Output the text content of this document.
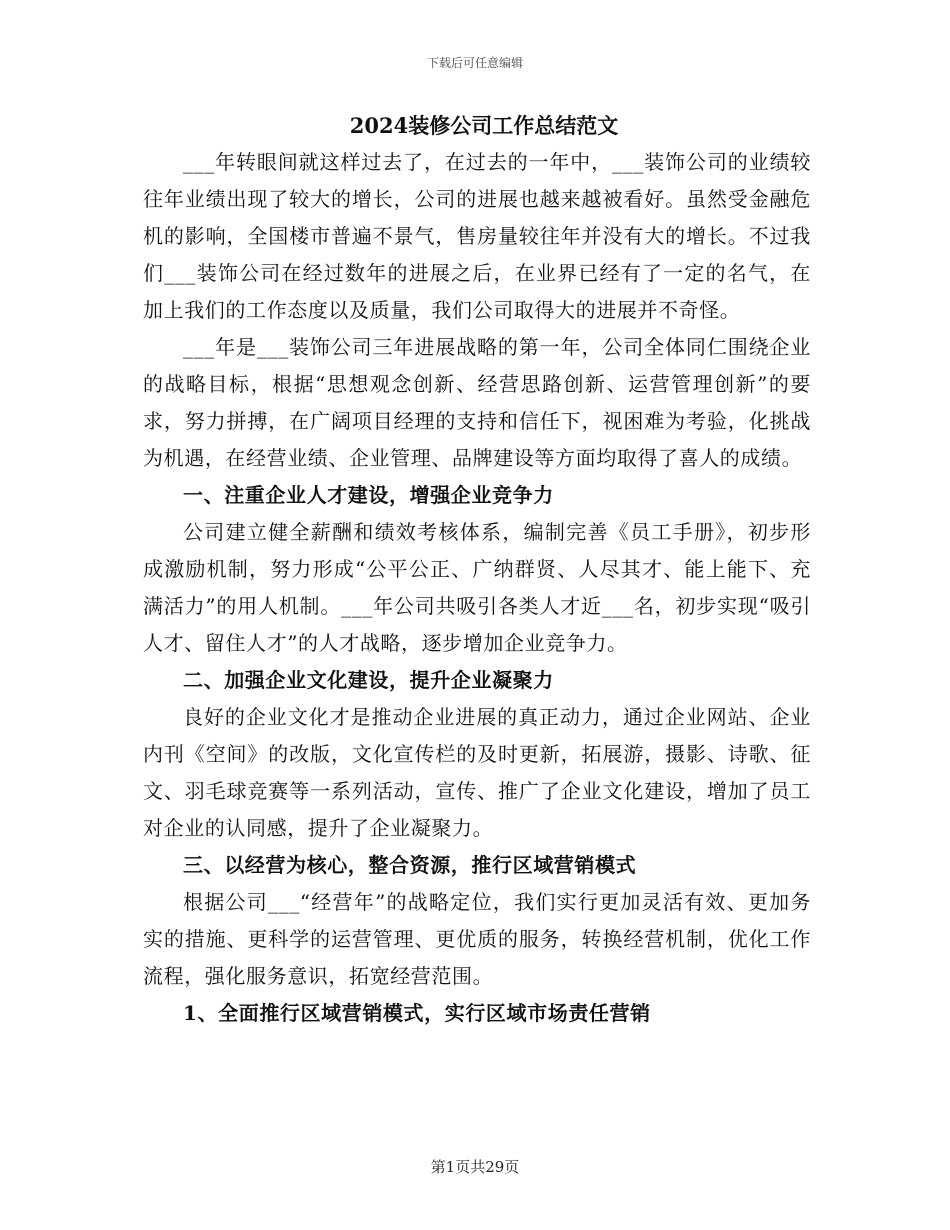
下载后可任意编辑
2024装修公司工作总结范文

___年转眼间就这样过去了，在过去的一年中，___装饰公司的业绩较往年业绩出现了较大的增长，公司的进展也越来越被看好。虽然受金融危机的影响，全国楼市普遍不景气，售房量较往年并没有大的增长。不过我们___装饰公司在经过数年的进展之后，在业界已经有了一定的名气，在加上我们的工作态度以及质量，我们公司取得大的进展并不奇怪。

___年是___装饰公司三年进展战略的第一年，公司全体同仁围绕企业的战略目标，根据“思想观念创新、经营思路创新、运营管理创新”的要求，努力拼搏，在广阔项目经理的支持和信任下，视困难为考验，化挑战为机遇，在经营业绩、企业管理、品牌建设等方面均取得了喜人的成绩。

一、注重企业人才建设，增强企业竞争力

公司建立健全薪酬和绩效考核体系，编制完善《员工手册》，初步形成激励机制，努力形成“公平公正、广纳群贤、人尽其才、能上能下、充满活力”的用人机制。___年公司共吸引各类人才近___名，初步实现“吸引人才、留住人才”的人才战略，逐步增加企业竞争力。

二、加强企业文化建设，提升企业凝聚力

良好的企业文化才是推动企业进展的真正动力，通过企业网站、企业内刊《空间》的改版，文化宣传栏的及时更新，拓展游，摄影、诗歌、征文、羽毛球竞赛等一系列活动，宣传、推广了企业文化建设，增加了员工对企业的认同感，提升了企业凝聚力。

三、以经营为核心，整合资源，推行区域营销模式

根据公司___“经营年”的战略定位，我们实行更加灵活有效、更加务实的措施、更科学的运营管理、更优质的服务，转换经营机制，优化工作流程，强化服务意识，拓宽经营范围。

1、全面推行区域营销模式，实行区域市场责任营销

第1页共29页
